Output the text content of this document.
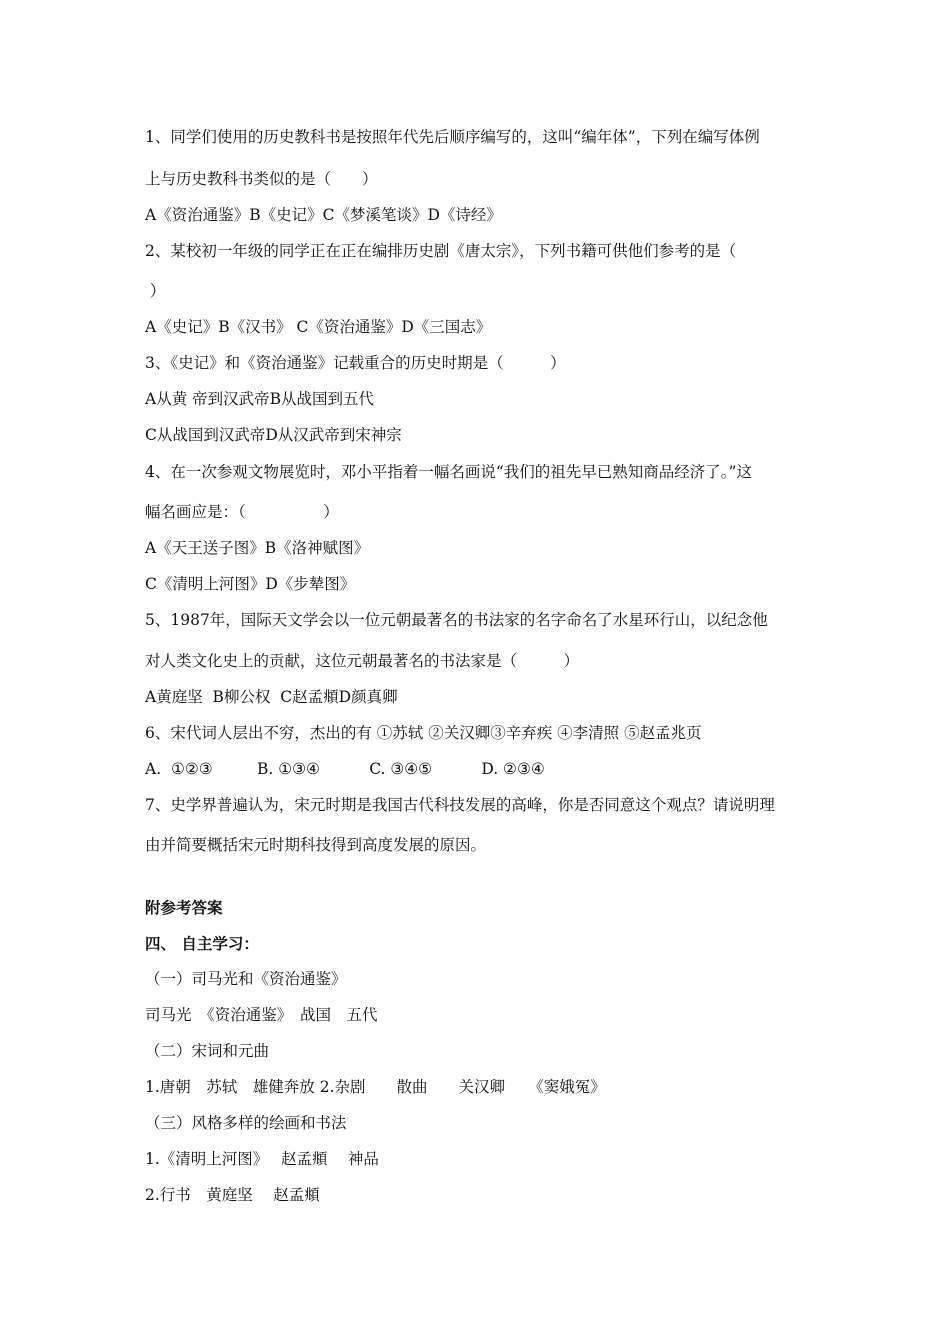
1、同学们使用的历史教科书是按照年代先后顺序编写的，这叫“编年体”，下列在编写体例
上与历史教科书类似的是（　　）
A《资治通鉴》B《史记》C《梦溪笔谈》D《诗经》
2、某校初一年级的同学正在正在编排历史剧《唐太宗》，下列书籍可供他们参考的是（
）
A《史记》B《汉书》 C《资治通鉴》D《三国志》
3、《史记》和《资治通鉴》记载重合的历史时期是（　　　）
A从黄 帝到汉武帝B从战国到五代
C从战国到汉武帝D从汉武帝到宋神宗
4、在一次参观文物展览时，邓小平指着一幅名画说“我们的祖先早已熟知商品经济了。”这
幅名画应是：（　　　　　）
A《天王送子图》B《洛神赋图》
C《清明上河图》D《步辇图》
5、1987年，国际天文学会以一位元朝最著名的书法家的名字命名了水星环行山，以纪念他
对人类文化史上的贡献，这位元朝最著名的书法家是（　　　）
A黄庭坚  B柳公权  C赵孟頫D颜真卿
6、宋代词人层出不穷，杰出的有 ①苏轼 ②关汉卿③辛弃疾 ④李清照 ⑤赵孟兆页
A.  ①②③         B. ①③④          C. ③④⑤          D. ②③④
7、史学界普遍认为，宋元时期是我国古代科技发展的高峰，你是否同意这个观点？请说明理
由并简要概括宋元时期科技得到高度发展的原因。
附参考答案
四、 自主学习：
（一）司马光和《资治通鉴》
司马光　《资治通鉴》　战国　五代
（二）宋词和元曲
1.唐朝　苏轼　雄健奔放 2.杂剧　　散曲　　关汉卿　　《窦娥冤》
（三）风格多样的绘画和书法
1.《清明上河图》　 赵孟頫　 神品
2.行书　黄庭坚　 赵孟頫
